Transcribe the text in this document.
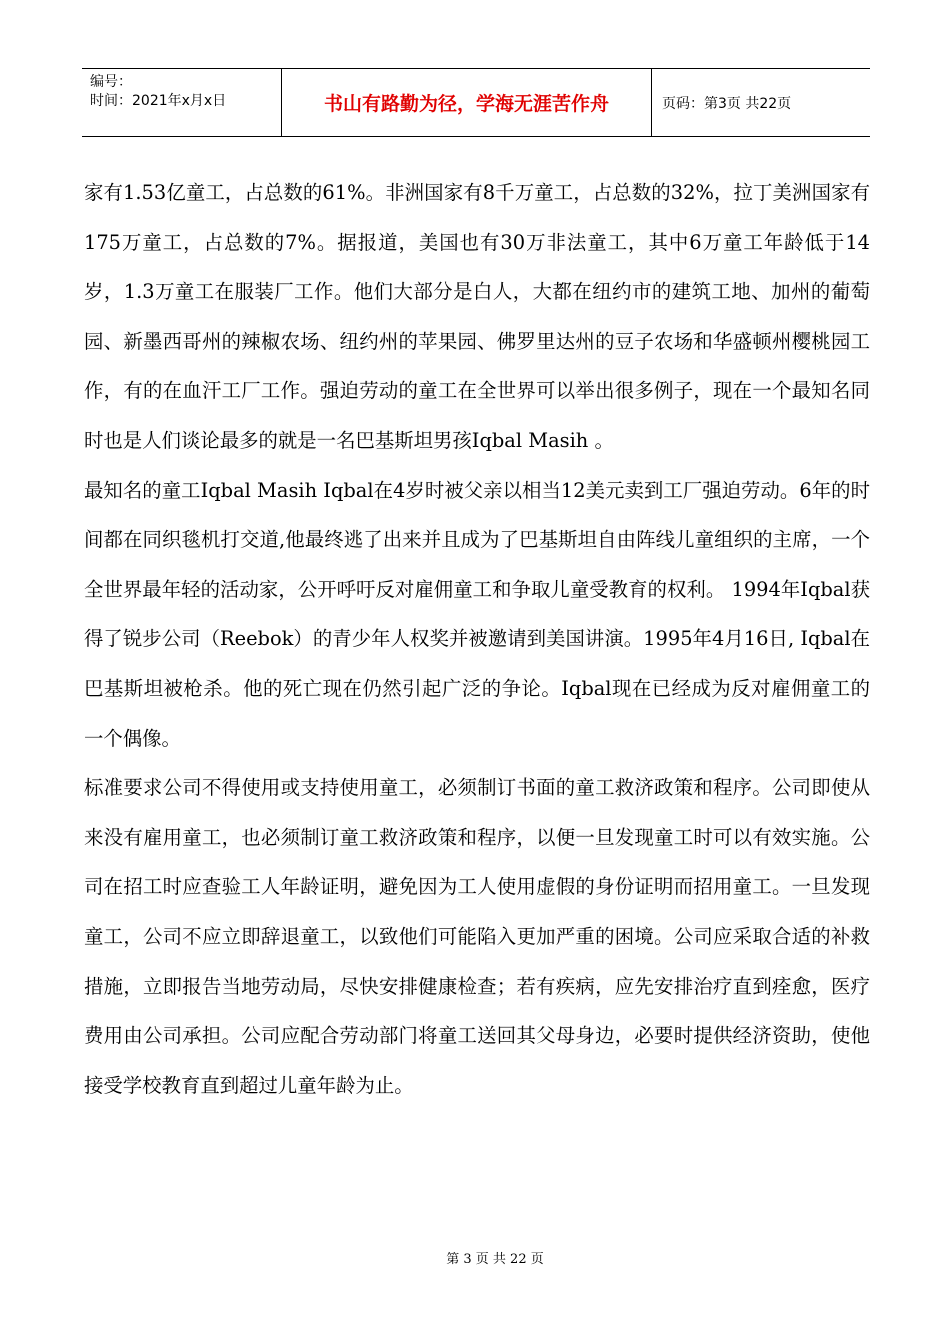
编号：
时间：2021年x月x日	书山有路勤为径，学海无涯苦作舟	页码：第3页 共22页

家有1.53亿童工，占总数的61%。非洲国家有8千万童工，占总数的32%，拉丁美洲国家有175万童工，占总数的7%。据报道，美国也有30万非法童工，其中6万童工年龄低于14岁，1.3万童工在服装厂工作。他们大部分是白人，大都在纽约市的建筑工地、加州的葡萄园、新墨西哥州的辣椒农场、纽约州的苹果园、佛罗里达州的豆子农场和华盛顿州樱桃园工作，有的在血汗工厂工作。强迫劳动的童工在全世界可以举出很多例子，现在一个最知名同时也是人们谈论最多的就是一名巴基斯坦男孩Iqbal Masih 。

最知名的童工Iqbal Masih Iqbal在4岁时被父亲以相当12美元卖到工厂强迫劳动。6年的时间都在同织毯机打交道,他最终逃了出来并且成为了巴基斯坦自由阵线儿童组织的主席，一个全世界最年轻的活动家，公开呼吁反对雇佣童工和争取儿童受教育的权利。 1994年Iqbal获得了锐步公司（Reebok）的青少年人权奖并被邀请到美国讲演。1995年4月16日, Iqbal在巴基斯坦被枪杀。他的死亡现在仍然引起广泛的争论。Iqbal现在已经成为反对雇佣童工的一个偶像。

标准要求公司不得使用或支持使用童工，必须制订书面的童工救济政策和程序。公司即使从来没有雇用童工，也必须制订童工救济政策和程序，以便一旦发现童工时可以有效实施。公司在招工时应查验工人年龄证明，避免因为工人使用虚假的身份证明而招用童工。一旦发现童工，公司不应立即辞退童工，以致他们可能陷入更加严重的困境。公司应采取合适的补救措施，立即报告当地劳动局，尽快安排健康检查；若有疾病，应先安排治疗直到痊愈，医疗费用由公司承担。公司应配合劳动部门将童工送回其父母身边，必要时提供经济资助，使他接受学校教育直到超过儿童年龄为止。

第 3 页 共 22 页
